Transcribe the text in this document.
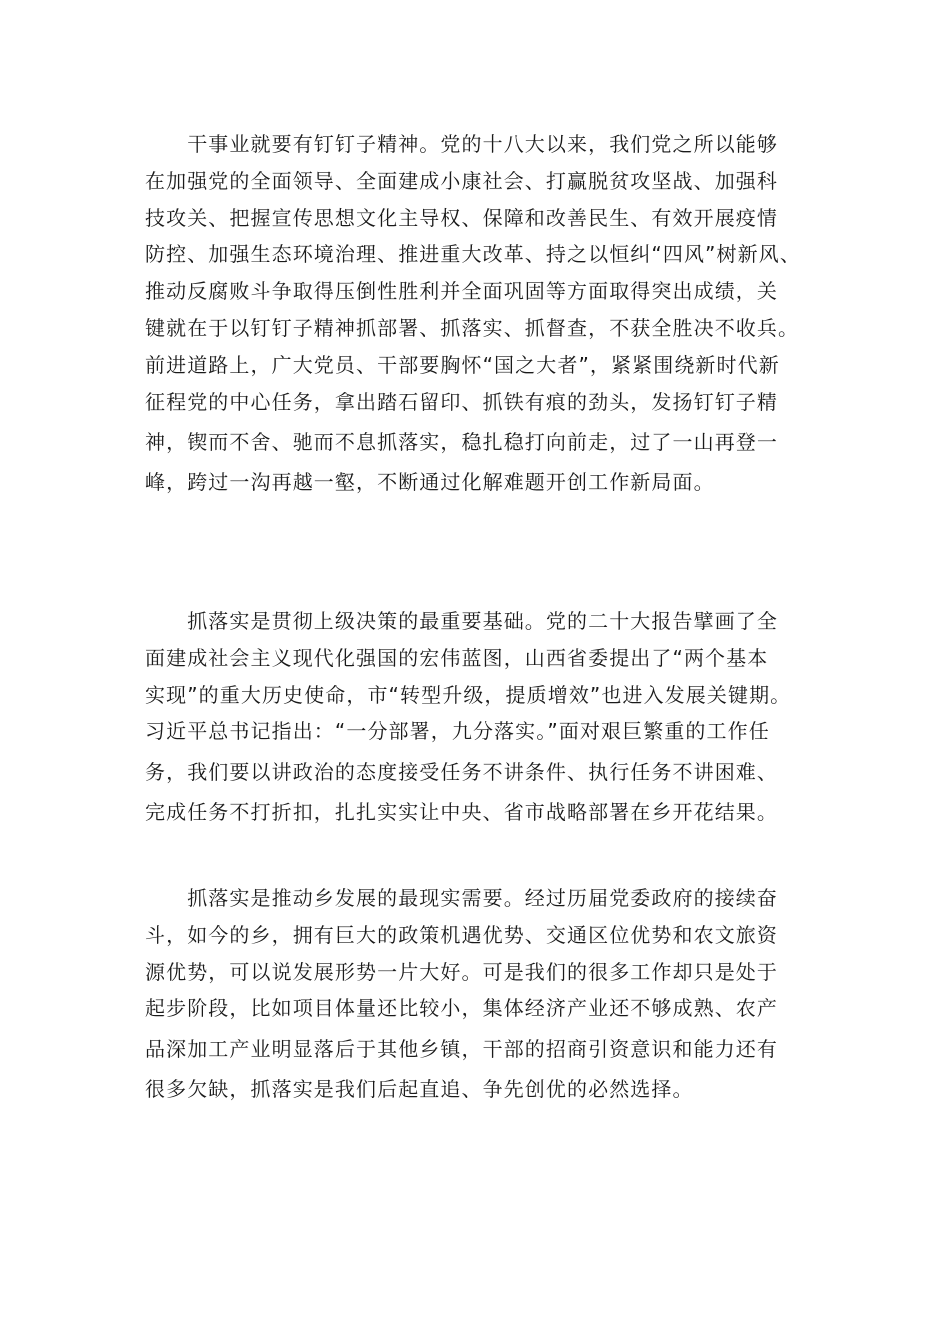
　　干事业就要有钉钉子精神。党的十八大以来，我们党之所以能够
在加强党的全面领导、全面建成小康社会、打赢脱贫攻坚战、加强科
技攻关、把握宣传思想文化主导权、保障和改善民生、有效开展疫情
防控、加强生态环境治理、推进重大改革、持之以恒纠“四风”树新风、
推动反腐败斗争取得压倒性胜利并全面巩固等方面取得突出成绩，关
键就在于以钉钉子精神抓部署、抓落实、抓督查，不获全胜决不收兵。
前进道路上，广大党员、干部要胸怀“国之大者”，紧紧围绕新时代新
征程党的中心任务，拿出踏石留印、抓铁有痕的劲头，发扬钉钉子精
神，锲而不舍、驰而不息抓落实，稳扎稳打向前走，过了一山再登一
峰，跨过一沟再越一壑，不断通过化解难题开创工作新局面。
　　抓落实是贯彻上级决策的最重要基础。党的二十大报告擘画了全
面建成社会主义现代化强国的宏伟蓝图，山西省委提出了“两个基本
实现”的重大历史使命，市“转型升级，提质增效”也进入发展关键期。
习近平总书记指出：“一分部署，九分落实。”面对艰巨繁重的工作任
务，我们要以讲政治的态度接受任务不讲条件、执行任务不讲困难、
完成任务不打折扣，扎扎实实让中央、省市战略部署在乡开花结果。
　　抓落实是推动乡发展的最现实需要。经过历届党委政府的接续奋
斗，如今的乡，拥有巨大的政策机遇优势、交通区位优势和农文旅资
源优势，可以说发展形势一片大好。可是我们的很多工作却只是处于
起步阶段，比如项目体量还比较小，集体经济产业还不够成熟、农产
品深加工产业明显落后于其他乡镇，干部的招商引资意识和能力还有
很多欠缺，抓落实是我们后起直追、争先创优的必然选择。
